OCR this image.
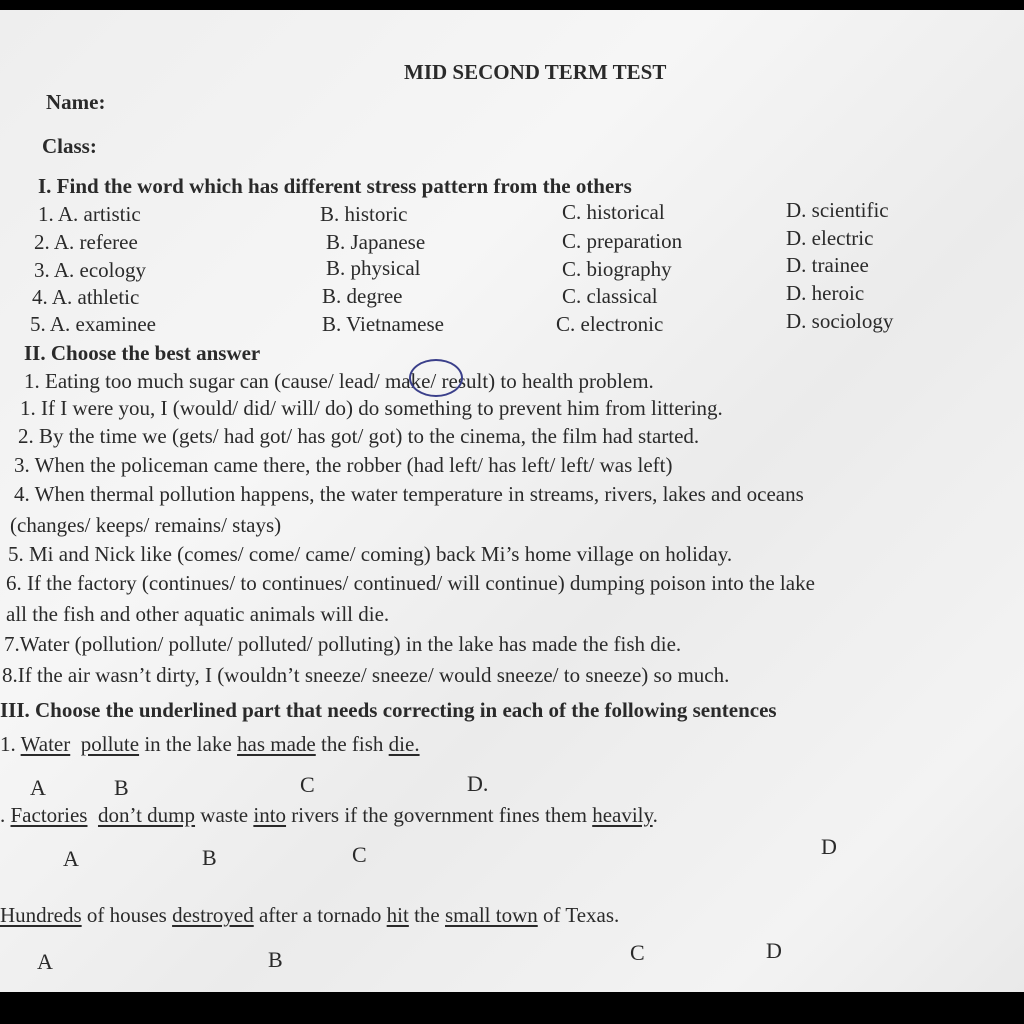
MID SECOND TERM TEST
Name:
Class:
I. Find the word which has different stress pattern from the others
1. A. artistic	B. historic	C. historical	D. scientific
2. A. referee	B. Japanese	C. preparation	D. electric
3. A. ecology	B. physical	C. biography	D. trainee
4. A. athletic	B. degree	C. classical	D. heroic
5. A. examinee	B. Vietnamese	C. electronic	D. sociology
II. Choose the best answer
1. Eating too much sugar can (cause/ lead/ make/ result) to health problem.
1. If I were you, I (would/ did/ will/ do) do something to prevent him from littering.
2. By the time we (gets/ had got/ has got/ got) to the cinema, the film had started.
3. When the policeman came there, the robber (had left/ has left/ left/ was left)
4. When thermal pollution happens, the water temperature in streams, rivers, lakes and oceans
(changes/ keeps/ remains/ stays)
5. Mi and Nick like (comes/ come/ came/ coming) back Mi’s home village on holiday.
6. If the factory (continues/ to continues/ continued/ will continue) dumping poison into the lake
all the fish and other aquatic animals will die.
7.Water (pollution/ pollute/ polluted/ polluting) in the lake has made the fish die.
8.If the air wasn’t dirty, I (wouldn’t sneeze/ sneeze/ would sneeze/ to sneeze) so much.
III. Choose the underlined part that needs correcting in each of the following sentences
1. Water pollute in the lake has made the fish die.
A	B	C	D.
. Factories don’t dump waste into rivers if the government fines them heavily.
A	B	C	D
Hundreds of houses destroyed after a tornado hit the small town of Texas.
A	B	C	D
